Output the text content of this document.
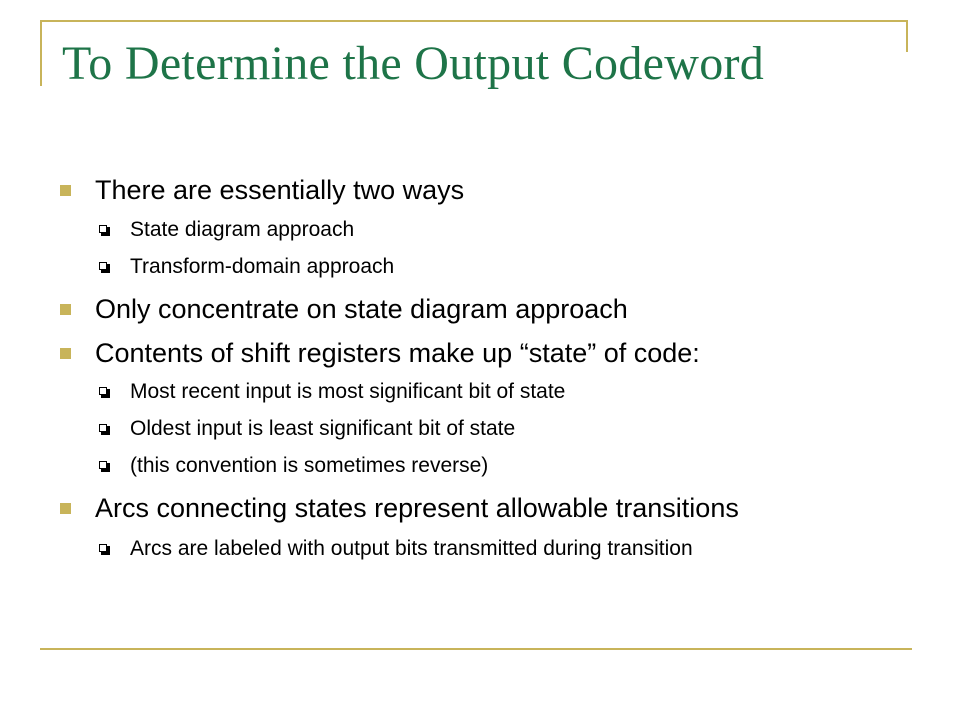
To Determine the Output Codeword
There are essentially two ways
State diagram approach
Transform-domain approach
Only concentrate on state diagram approach
Contents of shift registers make up “state” of code:
Most recent input is most significant bit of state
Oldest input is least significant bit of state
(this convention is sometimes reverse)
Arcs connecting states represent allowable transitions
Arcs are labeled with output bits transmitted during transition
